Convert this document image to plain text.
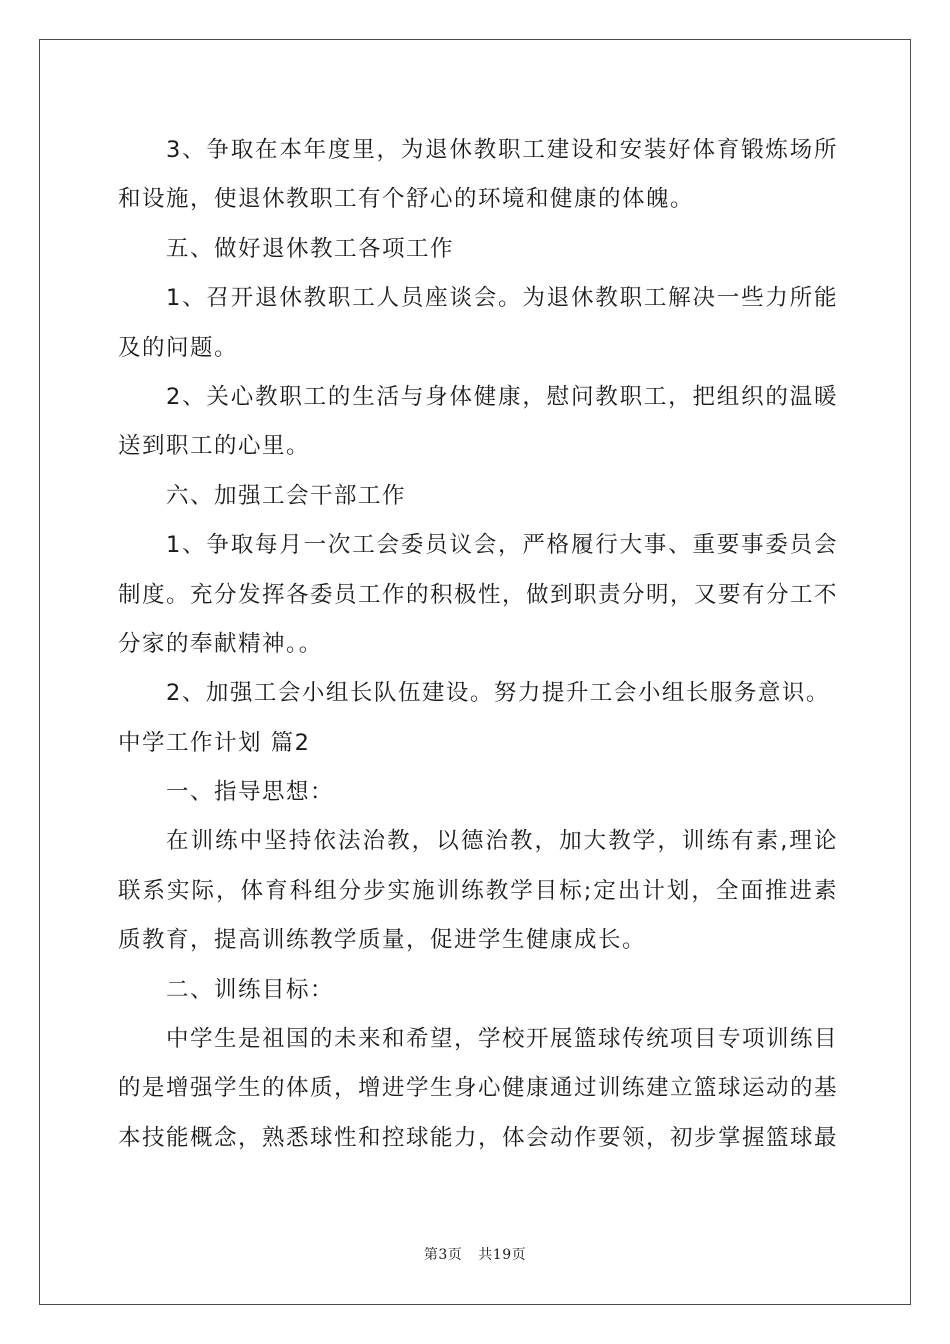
3、争取在本年度里，为退休教职工建设和安装好体育锻炼场所
和设施，使退休教职工有个舒心的环境和健康的体魄。
五、做好退休教工各项工作
1、召开退休教职工人员座谈会。为退休教职工解决一些力所能
及的问题。
2、关心教职工的生活与身体健康，慰问教职工，把组织的温暖
送到职工的心里。
六、加强工会干部工作
1、争取每月一次工会委员议会，严格履行大事、重要事委员会
制度。充分发挥各委员工作的积极性，做到职责分明，又要有分工不
分家的奉献精神。。
2、加强工会小组长队伍建设。努力提升工会小组长服务意识。
中学工作计划 篇2
一、指导思想：
在训练中坚持依法治教，以德治教，加大教学，训练有素,理论
联系实际，体育科组分步实施训练教学目标;定出计划，全面推进素
质教育，提高训练教学质量，促进学生健康成长。
二、训练目标：
中学生是祖国的未来和希望，学校开展篮球传统项目专项训练目
的是增强学生的体质，增进学生身心健康通过训练建立篮球运动的基
本技能概念，熟悉球性和控球能力，体会动作要领，初步掌握篮球最
第3页 共19页
